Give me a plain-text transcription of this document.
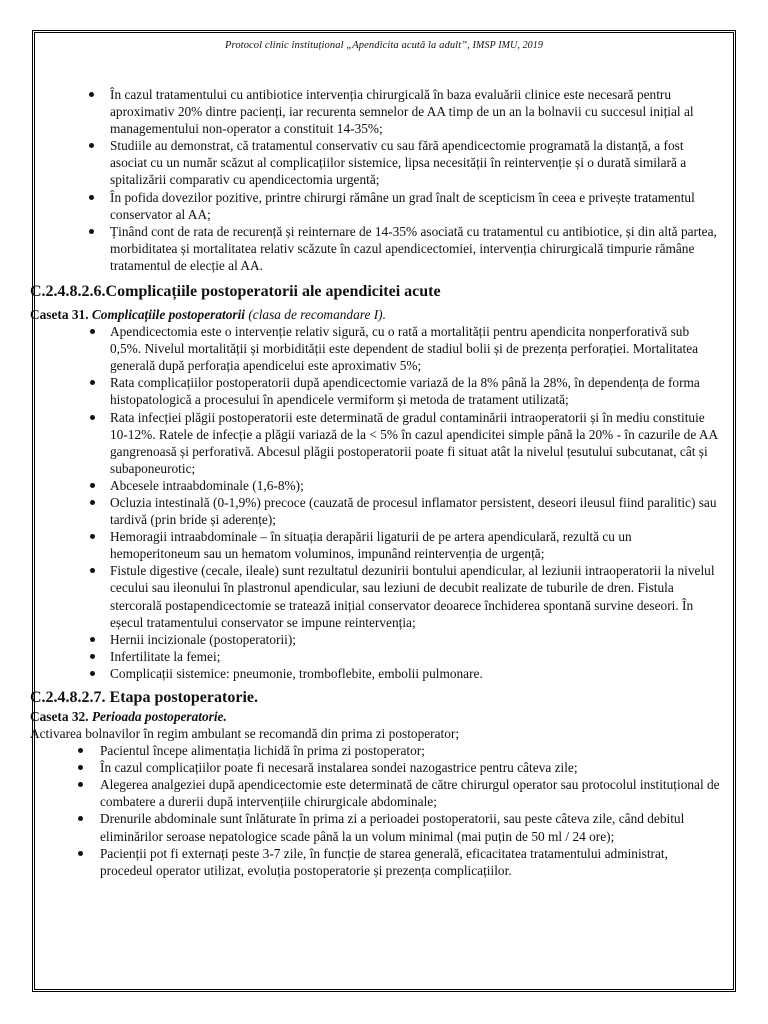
Protocol clinic instituțional „Apendicita acută la adult”, IMSP IMU, 2019
În cazul tratamentului cu antibiotice intervenția chirurgicală în baza evaluării clinice este necesară pentru aproximativ 20% dintre pacienți, iar recurenta semnelor de AA timp de un an la bolnavii cu succesul inițial al managementului non-operator a constituit 14-35%;
Studiile au demonstrat, că tratamentul conservativ cu sau fără apendicectomie programată la distanță, a fost asociat cu un număr scăzut al complicațiilor sistemice, lipsa necesității în reintervenție și o durată similară a spitalizării comparativ cu apendicectomia urgentă;
În pofida dovezilor pozitive, printre chirurgi rămâne un grad înalt de scepticism în ceea e privește tratamentul conservator al AA;
Ținând cont de rata de recurență și reinternare de 14-35% asociată cu tratamentul cu antibiotice, și din altă partea, morbiditatea și mortalitatea relativ scăzute în cazul apendicectomiei, intervenția chirurgicală timpurie rămâne tratamentul de elecție al AA.
C.2.4.8.2.6.Complicațiile postoperatorii ale apendicitei acute
Caseta 31. Complicațiile postoperatorii (clasa de recomandare I).
Apendicectomia este o intervenție relativ sigură, cu o rată a mortalității pentru apendicita nonperforativă sub 0,5%. Nivelul mortalității și morbidității este dependent de stadiul bolii și de prezența perforației. Mortalitatea generală după perforația apendicelui este aproximativ 5%;
Rata complicațiilor postoperatorii după apendicectomie variază de la 8% până la 28%, în dependența de forma histopatologică a procesului în apendicele vermiform și metoda de tratament utilizată;
Rata infecției plăgii postoperatorii este determinată de gradul contaminării intraoperatorii și în mediu constituie 10-12%. Ratele de infecție a plăgii variază de la < 5% în cazul apendicitei simple până la 20% - în cazurile de AA gangrenoasă și perforativă. Abcesul plăgii postoperatorii poate fi situat atât la nivelul țesutului subcutanat, cât și subaponeurotic;
Abcesele intraabdominale (1,6-8%);
Ocluzia intestinală (0-1,9%) precoce (cauzată de procesul inflamator persistent, deseori ileusul fiind paralitic) sau tardivă (prin bride și aderențe);
Hemoragii intraabdominale – în situația derapării ligaturii de pe artera apendiculară, rezultă cu un hemoperitoneum sau un hematom voluminos, impunând reintervenția de urgență;
Fistule digestive (cecale, ileale) sunt rezultatul dezunirii bontului apendicular, al leziunii intraoperatorii la nivelul cecului sau ileonului în plastronul apendicular, sau leziuni de decubit realizate de tuburile de dren. Fistula stercorală postapendicectomie se tratează inițial conservator deoarece închiderea spontană survine deseori. În eșecul tratamentului conservator se impune reintervenția;
Hernii incizionale (postoperatorii);
Infertilitate la femei;
Complicații sistemice: pneumonie, tromboflebite, embolii pulmonare.
C.2.4.8.2.7. Etapa postoperatorie.
Caseta 32. Perioada postoperatorie.
Activarea bolnavilor în regim ambulant se recomandă din prima zi postoperator;
Pacientul începe alimentația lichidă în prima zi postoperator;
În cazul complicațiilor poate fi necesară instalarea sondei nazogastrice pentru câteva zile;
Alegerea analgeziei după apendicectomie este determinată de către chirurgul operator sau protocolul instituțional de combatere a durerii după intervențiile chirurgicale abdominale;
Drenurile abdominale sunt înlăturate în prima zi a perioadei postoperatorii, sau peste câteva zile, când debitul eliminărilor seroase nepatologice scade până la un volum minimal (mai puțin de 50 ml / 24 ore);
Pacienții pot fi externați peste 3-7 zile, în funcție de starea generală, eficacitatea tratamentului administrat, procedeul operator utilizat, evoluția postoperatorie și prezența complicațiilor.
